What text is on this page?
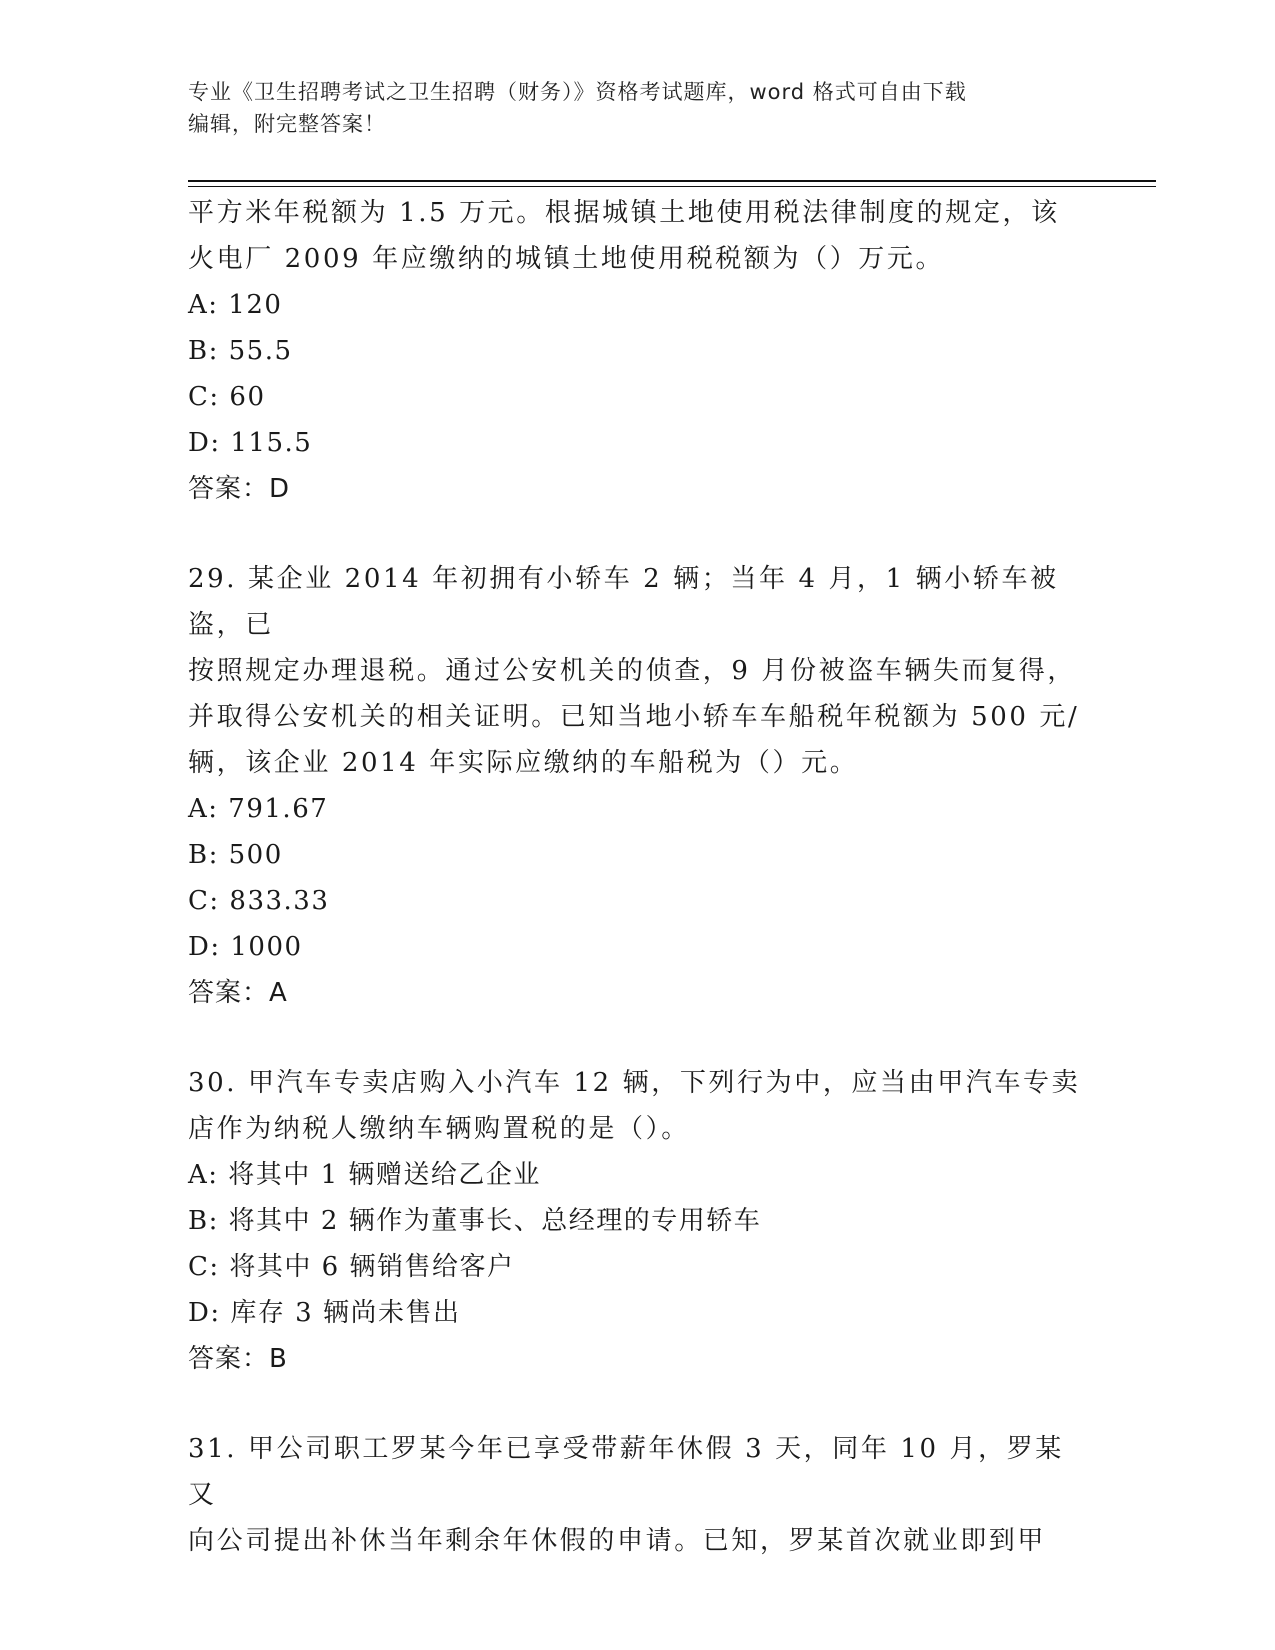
专业《卫生招聘考试之卫生招聘（财务）》资格考试题库，word 格式可自由下载
编辑，附完整答案！

平方米年税额为 1.5 万元。根据城镇土地使用税法律制度的规定，该

火电厂 2009 年应缴纳的城镇土地使用税税额为（）万元。

A: 120

B: 55.5

C: 60

D: 115.5

答案：D

29. 某企业 2014 年初拥有小轿车 2 辆；当年 4 月，1 辆小轿车被盗，已

按照规定办理退税。通过公安机关的侦查，9 月份被盗车辆失而复得，

并取得公安机关的相关证明。已知当地小轿车车船税年税额为 500 元/

辆，该企业 2014 年实际应缴纳的车船税为（）元。

A: 791.67

B: 500

C: 833.33

D: 1000

答案：A

30. 甲汽车专卖店购入小汽车 12 辆，下列行为中，应当由甲汽车专卖

店作为纳税人缴纳车辆购置税的是（）。

A: 将其中 1 辆赠送给乙企业

B: 将其中 2 辆作为董事长、总经理的专用轿车

C: 将其中 6 辆销售给客户

D: 库存 3 辆尚未售出

答案：B

31. 甲公司职工罗某今年已享受带薪年休假 3 天，同年 10 月，罗某又

向公司提出补休当年剩余年休假的申请。已知，罗某首次就业即到甲
